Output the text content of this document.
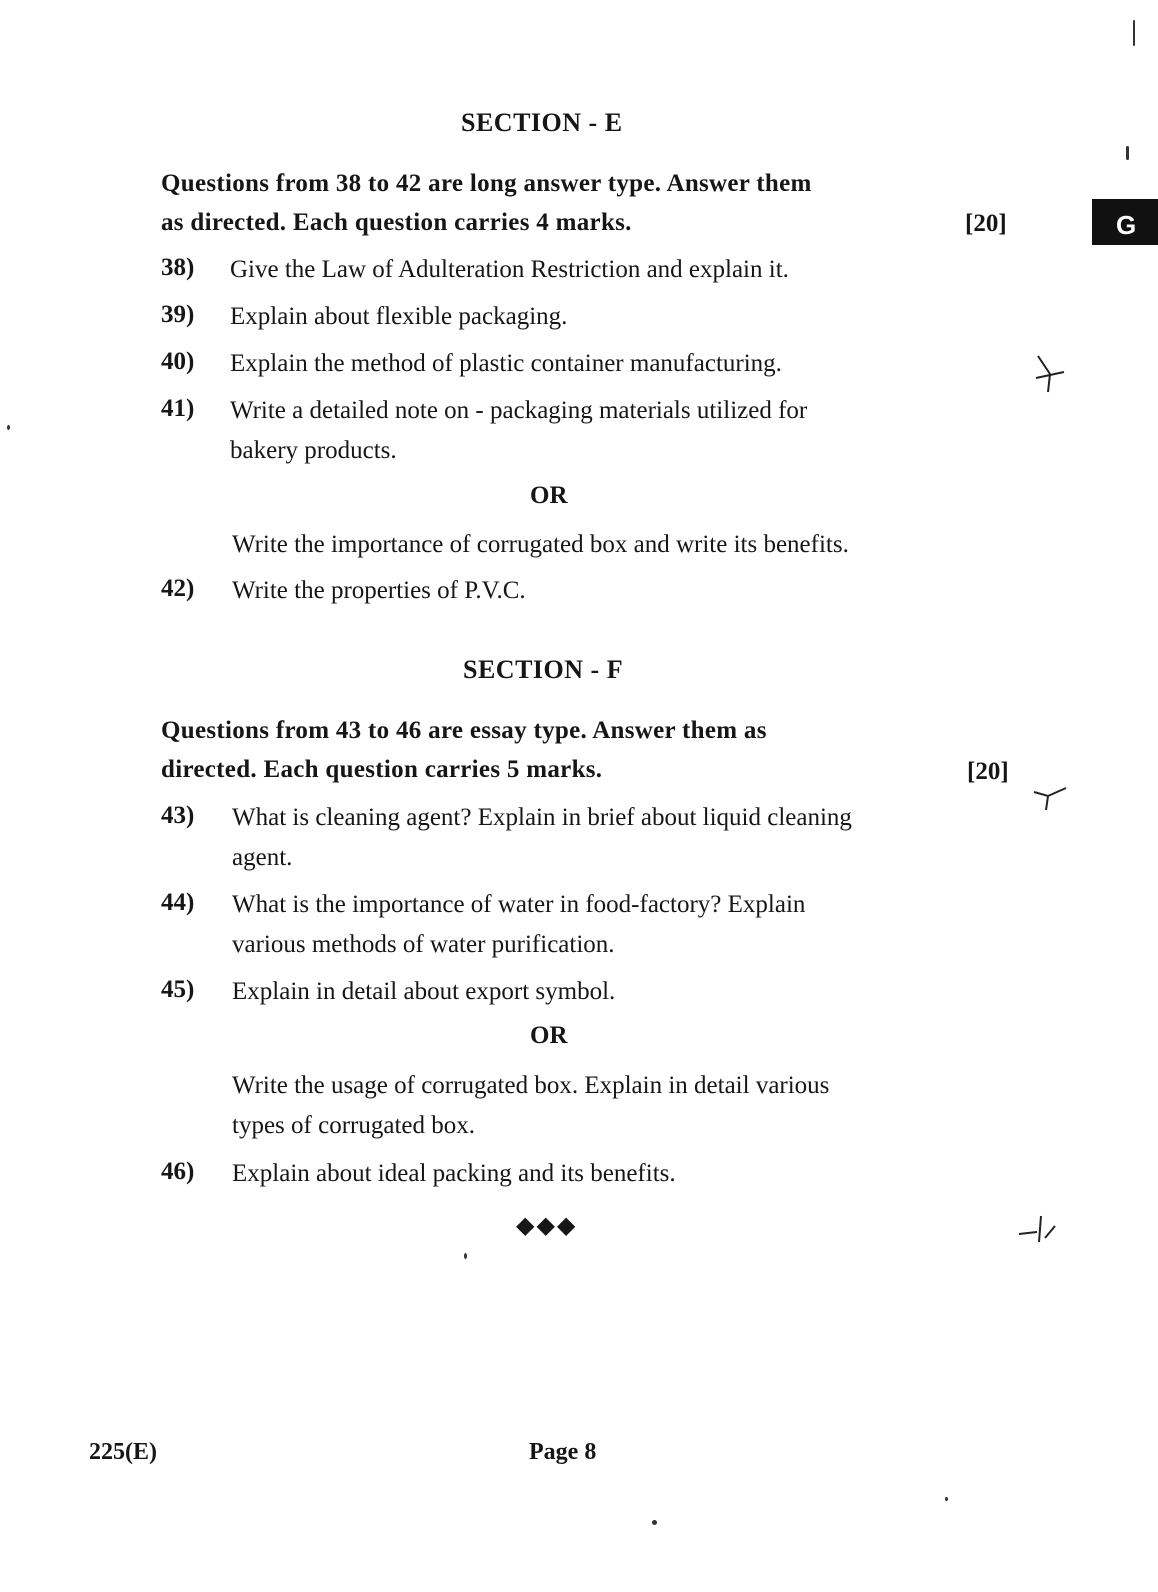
SECTION - E
Questions from 38 to 42 are long answer type. Answer them
as directed. Each question carries 4 marks.	[20]
38) Give the Law of Adulteration Restriction and explain it.
39) Explain about flexible packaging.
40) Explain the method of plastic container manufacturing.
41) Write a detailed note on - packaging materials utilized for
bakery products.
OR
Write the importance of corrugated box and write its benefits.
42) Write the properties of P.V.C.
SECTION - F
Questions from 43 to 46 are essay type. Answer them as
directed. Each question carries 5 marks.	[20]
43) What is cleaning agent? Explain in brief about liquid cleaning
agent.
44) What is the importance of water in food-factory? Explain
various methods of water purification.
45) Explain in detail about export symbol.
OR
Write the usage of corrugated box. Explain in detail various
types of corrugated box.
46) Explain about ideal packing and its benefits.
◆◆◆
G
225(E)	Page 8
